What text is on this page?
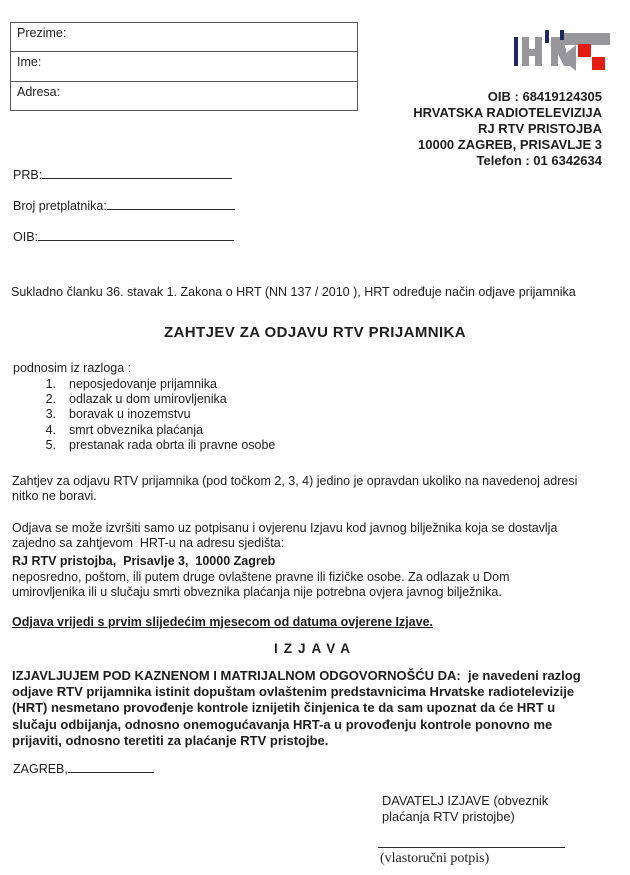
Prezime:
Ime:
Adresa:	OIB : 68419124305
HRVATSKA RADIOTELEVIZIJA
RJ RTV PRISTOJBA
10000 ZAGREB, PRISAVLJE 3
Telefon : 01 6342634
PRB:
Broj pretplatnika:
OIB:
Sukladno članku 36. stavak 1. Zakona o HRT (NN 137 / 2010 ), HRT određuje način odjave prijamnika
ZAHTJEV ZA ODJAVU RTV PRIJAMNIKA
podnosim iz razloga :
1. neposjedovanje prijamnika
2. odlazak u dom umirovljenika
3. boravak u inozemstvu
4. smrt obveznika plaćanja
5. prestanak rada obrta ili pravne osobe
Zahtjev za odjavu RTV prijamnika (pod točkom 2, 3, 4) jedino je opravdan ukoliko na navedenoj adresi
nitko ne boravi.
Odjava se može izvršiti samo uz potpisanu i ovjerenu Izjavu kod javnog bilježnika koja se dostavlja
zajedno sa zahtjevom  HRT-u na adresu sjedišta:
RJ RTV pristojba,  Prisavlje 3,  10000 Zagreb
neposredno, poštom, ili putem druge ovlaštene pravne ili fizičke osobe. Za odlazak u Dom
umirovljenika ili u slučaju smrti obveznika plaćanja nije potrebna ovjera javnog bilježnika.
Odjava vrijedi s prvim slijedećim mjesecom od datuma ovjerene Izjave.
IZJAVA
IZJAVLJUJEM POD KAZNENOM I MATRIJALNOM ODGOVORNOŠĆU DA:  je navedeni razlog
odjave RTV prijamnika istinit dopuštam ovlaštenim predstavnicima Hrvatske radiotelevizije
(HRT) nesmetano provođenje kontrole iznijetih činjenica te da sam upoznat da će HRT u
slučaju odbijanja, odnosno onemogućavanja HRT-a u provođenju kontrole ponovno me
prijaviti, odnosno teretiti za plaćanje RTV pristojbe.
ZAGREB,
DAVATELJ IZJAVE (obveznik
plaćanja RTV pristojbe)
(vlastoručni potpis)
